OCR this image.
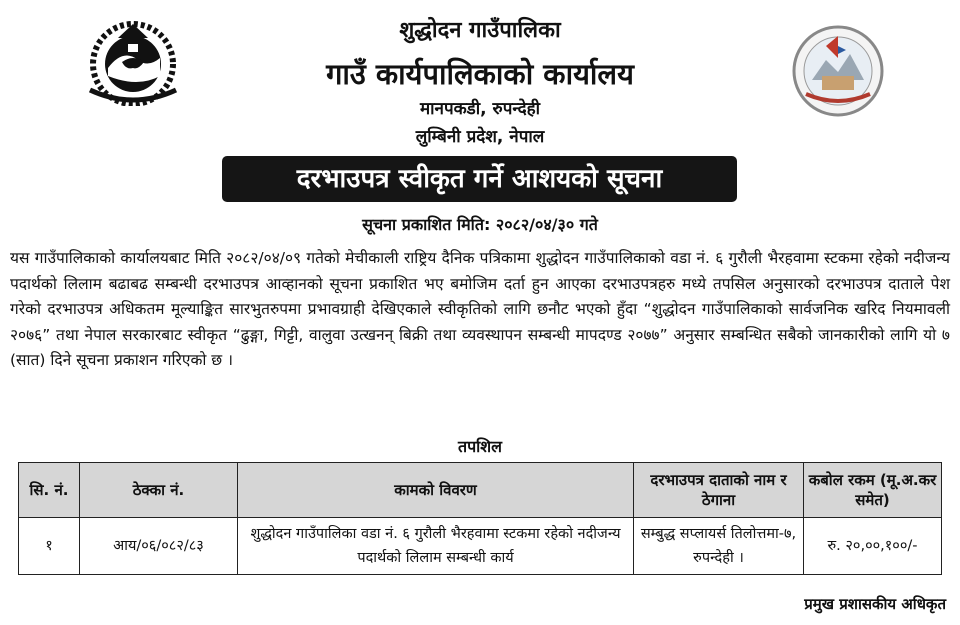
शुद्धोदन गाउँपालिका
गाउँ कार्यपालिकाको कार्यालय
मानपकडी, रुपन्देही
लुम्बिनी प्रदेश, नेपाल
दरभाउपत्र स्वीकृत गर्ने आशयको सूचना
सूचना प्रकाशित मिति: २०८२/०४/३० गते
यस गाउँपालिकाको कार्यालयबाट मिति २०८२/०४/०९ गतेको मेचीकाली राष्ट्रिय दैनिक पत्रिकामा शुद्धोदन गाउँपालिकाको वडा नं. ६ गुरौली भैरहवामा स्टकमा रहेको नदीजन्य पदार्थको लिलाम बढाबढ सम्बन्धी दरभाउपत्र आव्हानको सूचना प्रकाशित भए बमोजिम दर्ता हुन आएका दरभाउपत्रहरु मध्ये तपसिल अनुसारको दरभाउपत्र दाताले पेश गरेको दरभाउपत्र अधिकतम मूल्याङ्कित सारभुतरुपमा प्रभावग्राही देखिएकाले स्वीकृतिको लागि छनौट भएको हुँदा “शुद्धोदन गाउँपालिकाको सार्वजनिक खरिद नियमावली २०७६” तथा नेपाल सरकारबाट स्वीकृत “ढुङ्गा, गिट्टी, वालुवा उत्खनन् बिक्री तथा व्यवस्थापन सम्बन्धी मापदण्ड २०७७” अनुसार सम्बन्धित सबैको जानकारीको लागि यो ७ (सात) दिने सूचना प्रकाशन गरिएको छ ।
तपशिल
सि. नं.	ठेक्का नं.	कामको विवरण	दरभाउपत्र दाताको नाम र ठेगाना	कबोल रकम (मू.अ.कर समेत)
१	आय/०६/०८२/८३	शुद्धोदन गाउँपालिका वडा नं. ६ गुरौली भैरहवामा स्टकमा रहेको नदीजन्य पदार्थको लिलाम सम्बन्धी कार्य	सम्बुद्ध सप्लायर्स तिलोत्तमा-७, रुपन्देही ।	रु. २०,००,१००/-
प्रमुख प्रशासकीय अधिकृत
